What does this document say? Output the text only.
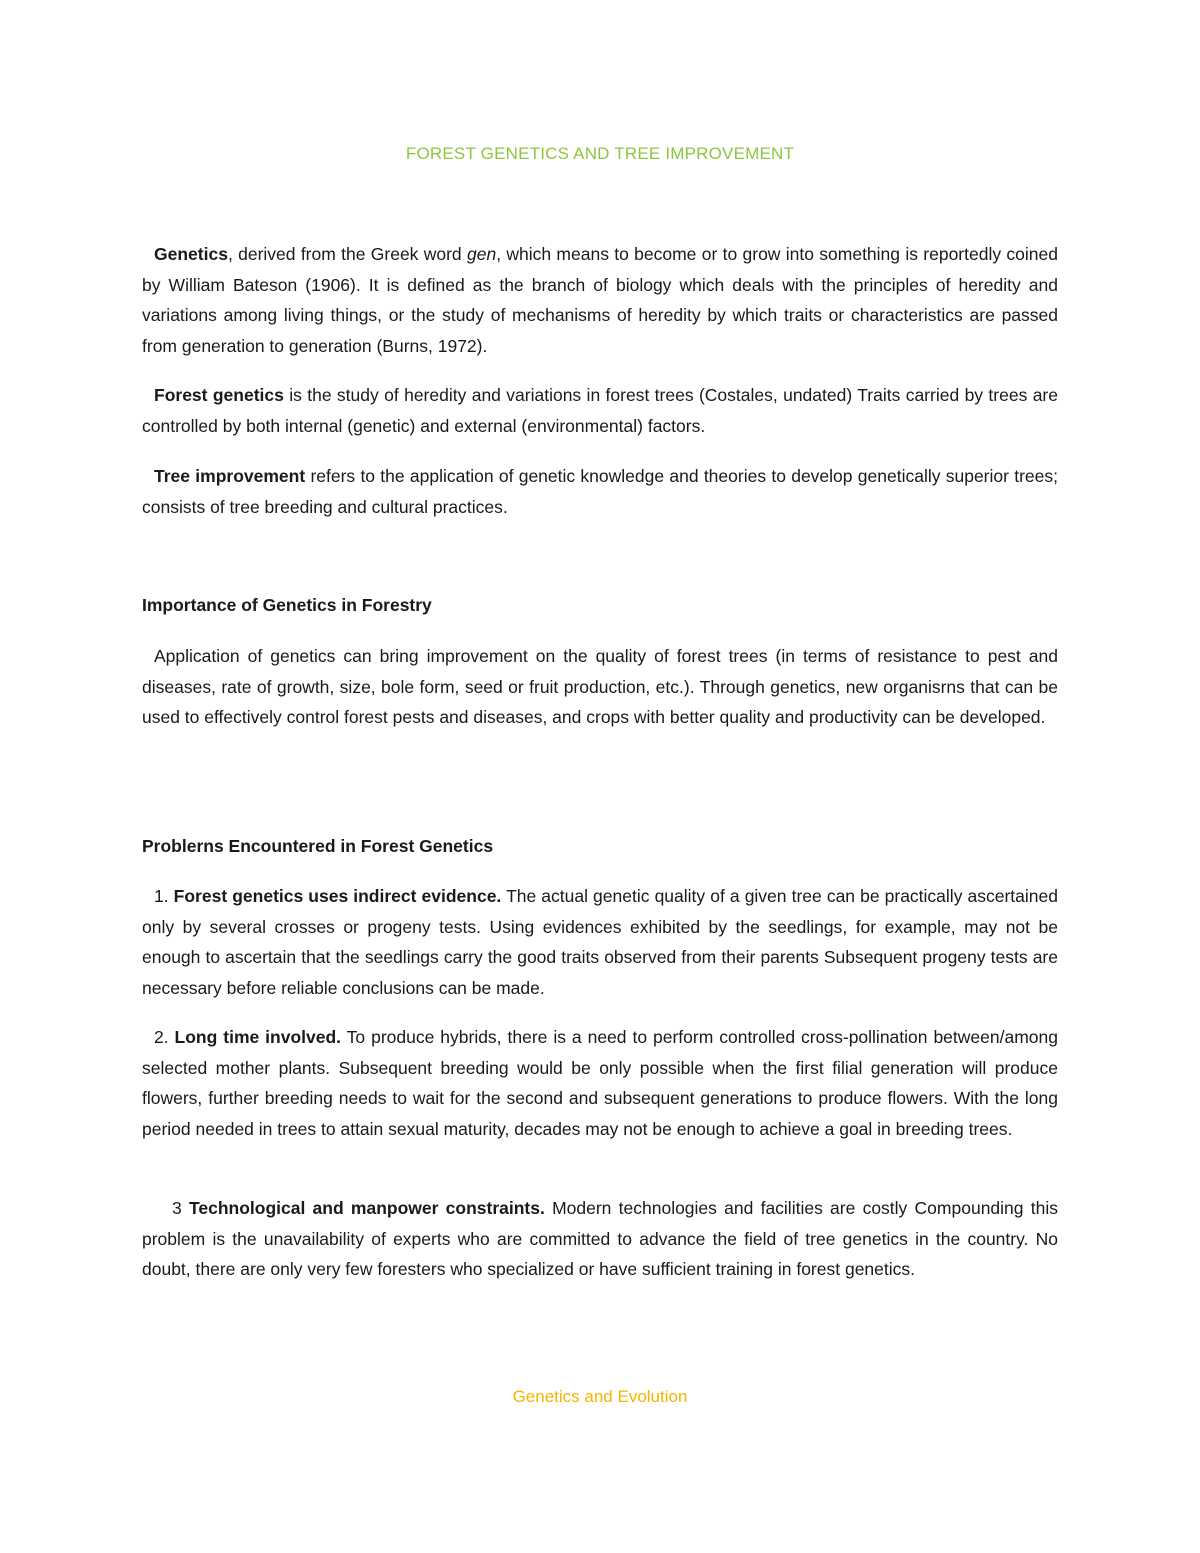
FOREST GENETICS AND TREE IMPROVEMENT

Genetics, derived from the Greek word gen, which means to become or to grow into something is reportedly coined by William Bateson (1906). It is defined as the branch of biology which deals with the principles of heredity and variations among living things, or the study of mechanisms of heredity by which traits or characteristics are passed from generation to generation (Burns, 1972).

Forest genetics is the study of heredity and variations in forest trees (Costales, undated) Traits carried by trees are controlled by both internal (genetic) and external (environmental) factors.

Tree improvement refers to the application of genetic knowledge and theories to develop genetically superior trees; consists of tree breeding and cultural practices.

Importance of Genetics in Forestry

Application of genetics can bring improvement on the quality of forest trees (in terms of resistance to pest and diseases, rate of growth, size, bole form, seed or fruit production, etc.). Through genetics, new organisrns that can be used to effectively control forest pests and diseases, and crops with better quality and productivity can be developed.

Problerns Encountered in Forest Genetics

1. Forest genetics uses indirect evidence. The actual genetic quality of a given tree can be practically ascertained only by several crosses or progeny tests. Using evidences exhibited by the seedlings, for example, may not be enough to ascertain that the seedlings carry the good traits observed from their parents Subsequent progeny tests are necessary before reliable conclusions can be made.

2. Long time involved. To produce hybrids, there is a need to perform controlled cross-pollination between/among selected mother plants. Subsequent breeding would be only possible when the first filial generation will produce flowers, further breeding needs to wait for the second and subsequent generations to produce flowers. With the long period needed in trees to attain sexual maturity, decades may not be enough to achieve a goal in breeding trees.

3 Technological and manpower constraints. Modern technologies and facilities are costly Compounding this problem is the unavailability of experts who are committed to advance the field of tree genetics in the country. No doubt, there are only very few foresters who specialized or have sufficient training in forest genetics.

Genetics and Evolution
